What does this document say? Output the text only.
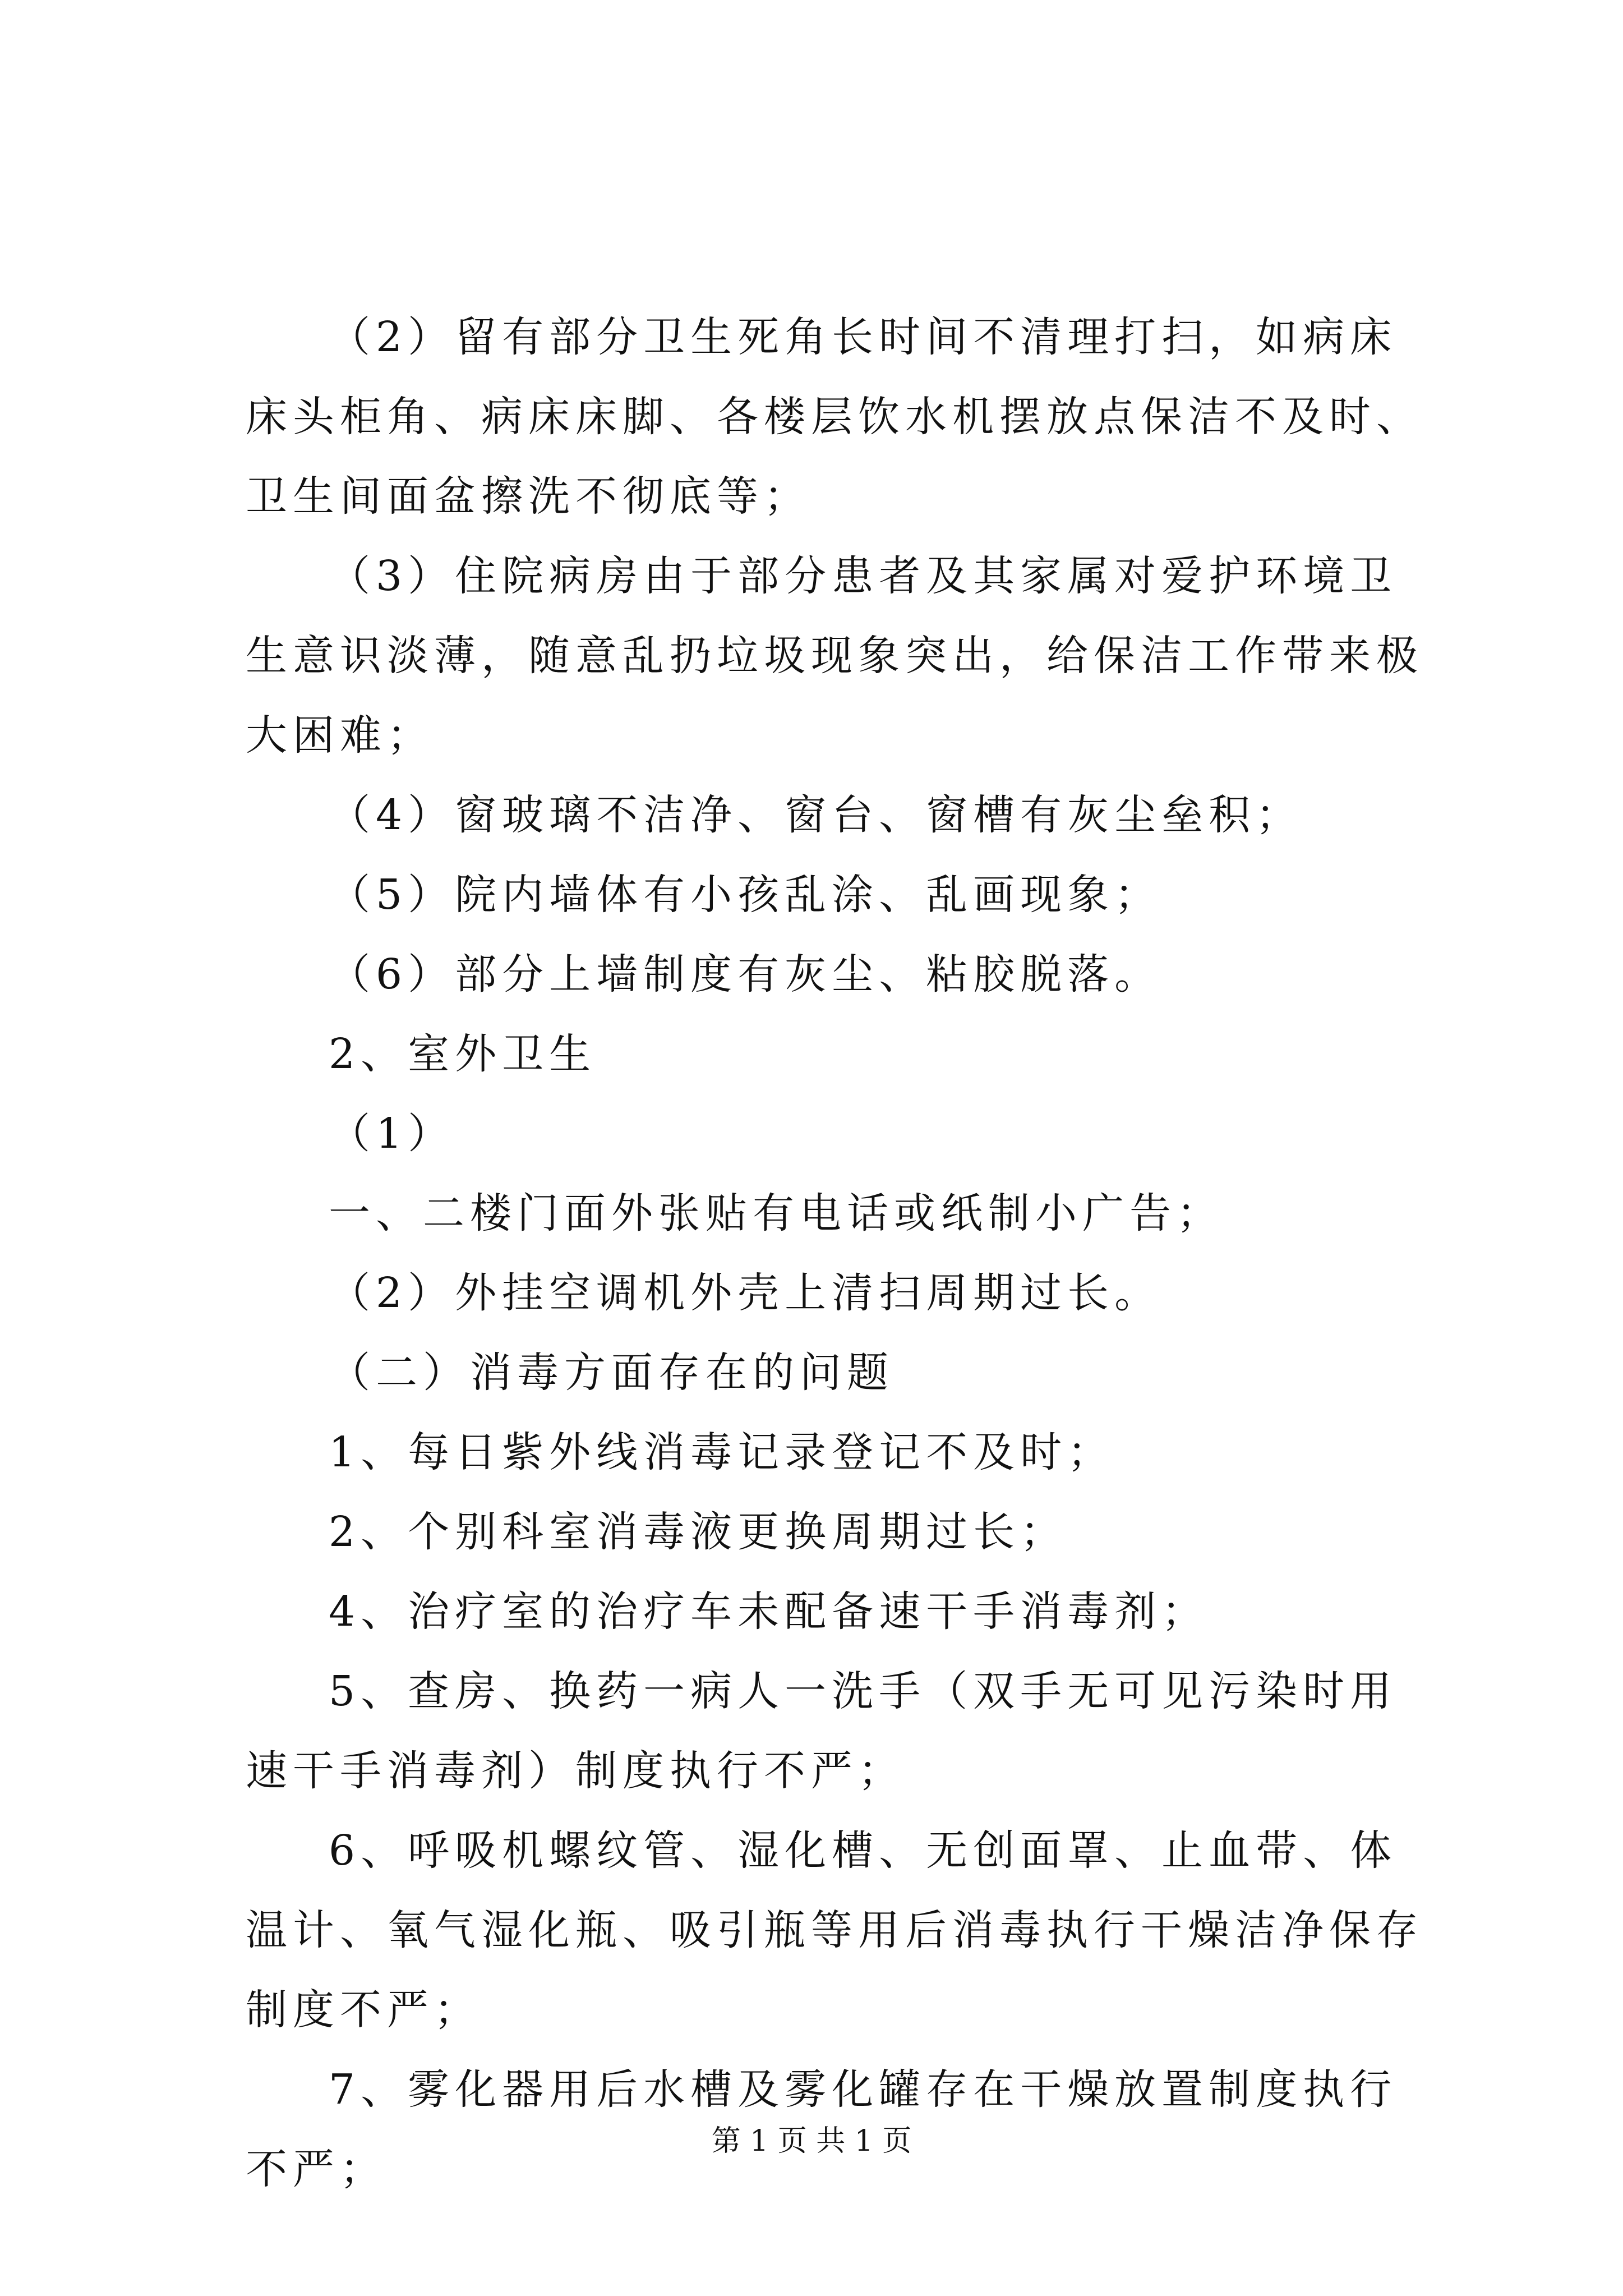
（2）留有部分卫生死角长时间不清理打扫，如病床床头柜角、病床床脚、各楼层饮水机摆放点保洁不及时、卫生间面盆擦洗不彻底等；

（3）住院病房由于部分患者及其家属对爱护环境卫生意识淡薄，随意乱扔垃圾现象突出，给保洁工作带来极大困难；

（4）窗玻璃不洁净、窗台、窗槽有灰尘垒积；

（5）院内墙体有小孩乱涂、乱画现象；

（6）部分上墙制度有灰尘、粘胶脱落。

2、室外卫生

（1）

一、二楼门面外张贴有电话或纸制小广告；

（2）外挂空调机外壳上清扫周期过长。

（二）消毒方面存在的问题

1、每日紫外线消毒记录登记不及时；

2、个别科室消毒液更换周期过长；

4、治疗室的治疗车未配备速干手消毒剂；

5、查房、换药一病人一洗手（双手无可见污染时用速干手消毒剂）制度执行不严；

6、呼吸机螺纹管、湿化槽、无创面罩、止血带、体温计、氧气湿化瓶、吸引瓶等用后消毒执行干燥洁净保存制度不严；

7、雾化器用后水槽及雾化罐存在干燥放置制度执行不严；

第 1 页 共 1 页
